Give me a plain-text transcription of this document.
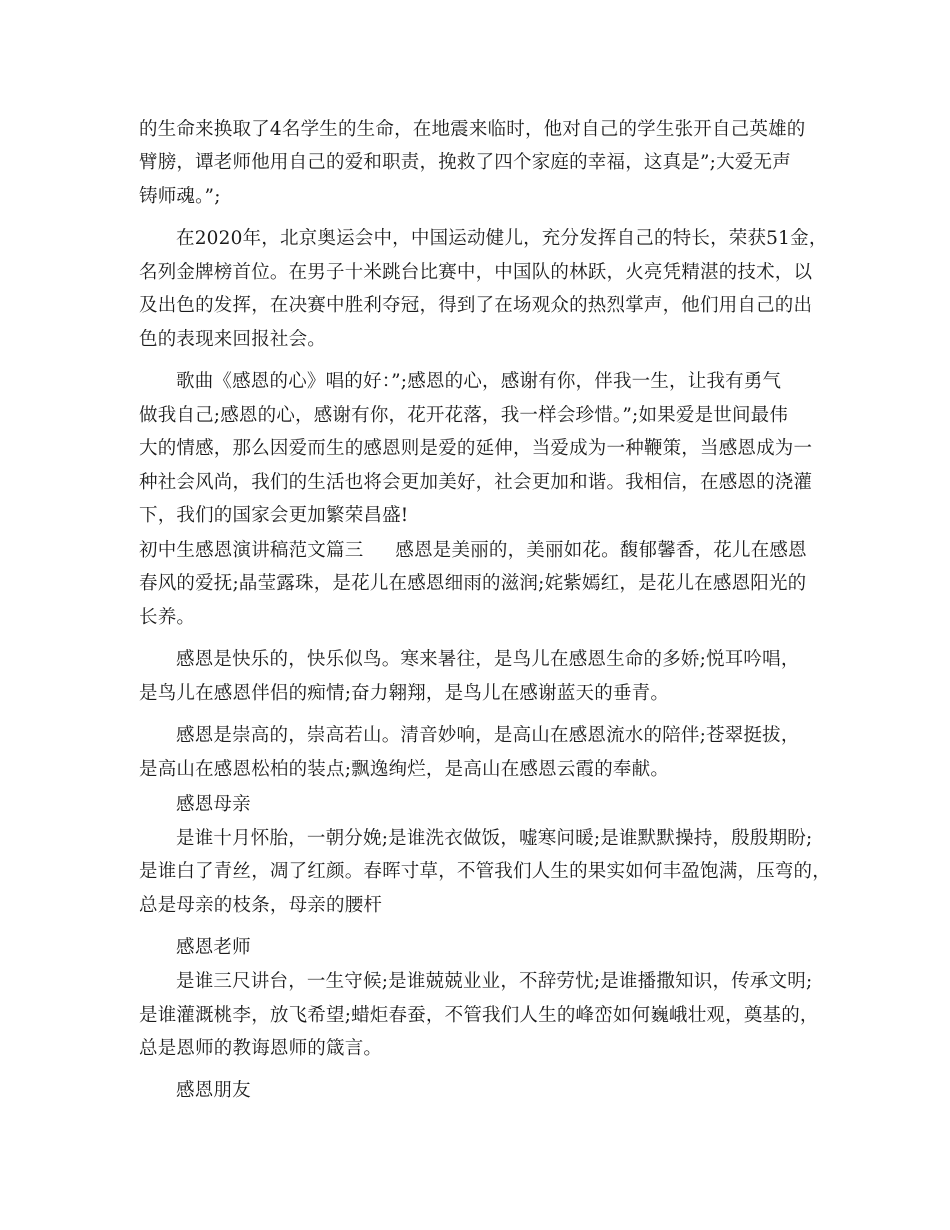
的生命来换取了4名学生的生命，在地震来临时，他对自己的学生张开自己英雄的
臂膀，谭老师他用自己的爱和职责，挽救了四个家庭的幸福，这真是”;大爱无声
铸师魂。”;
在2020年，北京奥运会中，中国运动健儿，充分发挥自己的特长，荣获51金，
名列金牌榜首位。在男子十米跳台比赛中，中国队的林跃，火亮凭精湛的技术，以
及出色的发挥，在决赛中胜利夺冠，得到了在场观众的热烈掌声，他们用自己的出
色的表现来回报社会。
歌曲《感恩的心》唱的好：”;感恩的心，感谢有你，伴我一生，让我有勇气
做我自己;感恩的心，感谢有你，花开花落，我一样会珍惜。”;如果爱是世间最伟
大的情感，那么因爱而生的感恩则是爱的延伸，当爱成为一种鞭策，当感恩成为一
种社会风尚，我们的生活也将会更加美好，社会更加和谐。我相信，在感恩的浇灌
下，我们的国家会更加繁荣昌盛!
初中生感恩演讲稿范文篇三 感恩是美丽的，美丽如花。馥郁馨香，花儿在感恩
春风的爱抚;晶莹露珠，是花儿在感恩细雨的滋润;姹紫嫣红，是花儿在感恩阳光的
长养。
感恩是快乐的，快乐似鸟。寒来暑往，是鸟儿在感恩生命的多娇;悦耳吟唱，
是鸟儿在感恩伴侣的痴情;奋力翱翔，是鸟儿在感谢蓝天的垂青。
感恩是崇高的，崇高若山。清音妙响，是高山在感恩流水的陪伴;苍翠挺拔，
是高山在感恩松柏的装点;飘逸绚烂，是高山在感恩云霞的奉献。
感恩母亲
是谁十月怀胎，一朝分娩;是谁洗衣做饭，嘘寒问暖;是谁默默操持，殷殷期盼;
是谁白了青丝，凋了红颜。春晖寸草，不管我们人生的果实如何丰盈饱满，压弯的，
总是母亲的枝条，母亲的腰杆
感恩老师
是谁三尺讲台，一生守候;是谁兢兢业业，不辞劳忧;是谁播撒知识，传承文明;
是谁灌溉桃李，放飞希望;蜡炬春蚕，不管我们人生的峰峦如何巍峨壮观，奠基的，
总是恩师的教诲恩师的箴言。
感恩朋友
